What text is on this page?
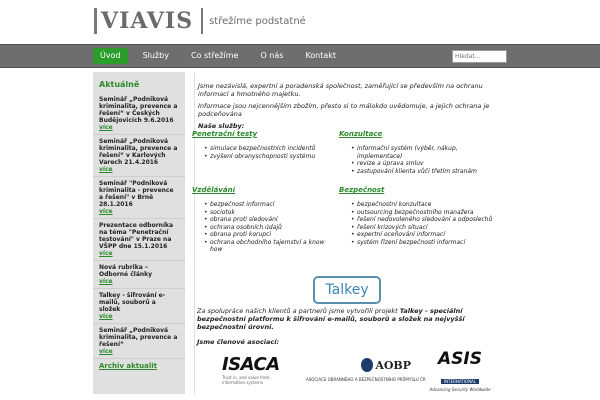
VIAVIS	střežíme podstatné
Úvod	Služby	Co střežíme	O nás	Kontakt
Hledat...
Aktuálně
Seminář „Podniková kriminalita, prevence a řešení“ v Českých Budějovicích 9.6.2016
více
Seminář „Podniková kriminalita, prevence a řešení“ v Karlových Varech 21.4.2016
více
Seminář "Podniková kriminalita - prevence a řešení" v Brně 28.1.2016
více
Prezentace odborníka na téma "Penetrační testování" v Praze na VŠPP dne 15.1.2016
více
Nová rubrika – Odborné články
více
Talkey - šifrování e-mailů, souborů a složek
více
Seminář „Podniková kriminalita, prevence a řešení“
více
Archiv aktualit

Jsme nezávislá, expertní a poradenská společnost, zaměřující se především na ochranu informací a hmotného majetku.

Informace jsou nejcennějším zbožím, přesto si to málokdo uvědomuje, a jejich ochrana je podceňována

Naše služby:
Penetrační testy
• simulace bezpečnostních incidentů
• zvýšení obranyschopnosti systému
Konzultace
• informační systém (výběr, nákup, implementace)
• revize a úprava smluv
• zastupování klienta vůči třetím stranám
Vzdělávání
• bezpečnost informací
• sociotok
• obrana proti sledování
• ochrana osobních údajů
• obrana proti korupci
• ochrana obchodního tajemství a know how
Bezpečnost
• bezpečnostní konzultace
• outsourcing bezpečnostního manažera
• řešení nedovoleného sledování a odposlechů
• řešení krizových situací
• expertní oceňování informací
• systém řízení bezpečnosti informací
Talkey

Za spolupráce našich klientů a partnerů jsme vytvořili projekt Talkey - speciální bezpečnostní platformu k šifrování e-mailů, souborů a složek na nejvyšší bezpečnostní úrovni.

Jsme členové asociací:
ISACA
Trust in, and value from, information systems
AOBP
ASOCIACE OBRANNÉHO A BEZPEČNOSTNÍHO PRŮMYSLU ČR
ASIS
INTERNATIONAL
Advancing Security Worldwide
